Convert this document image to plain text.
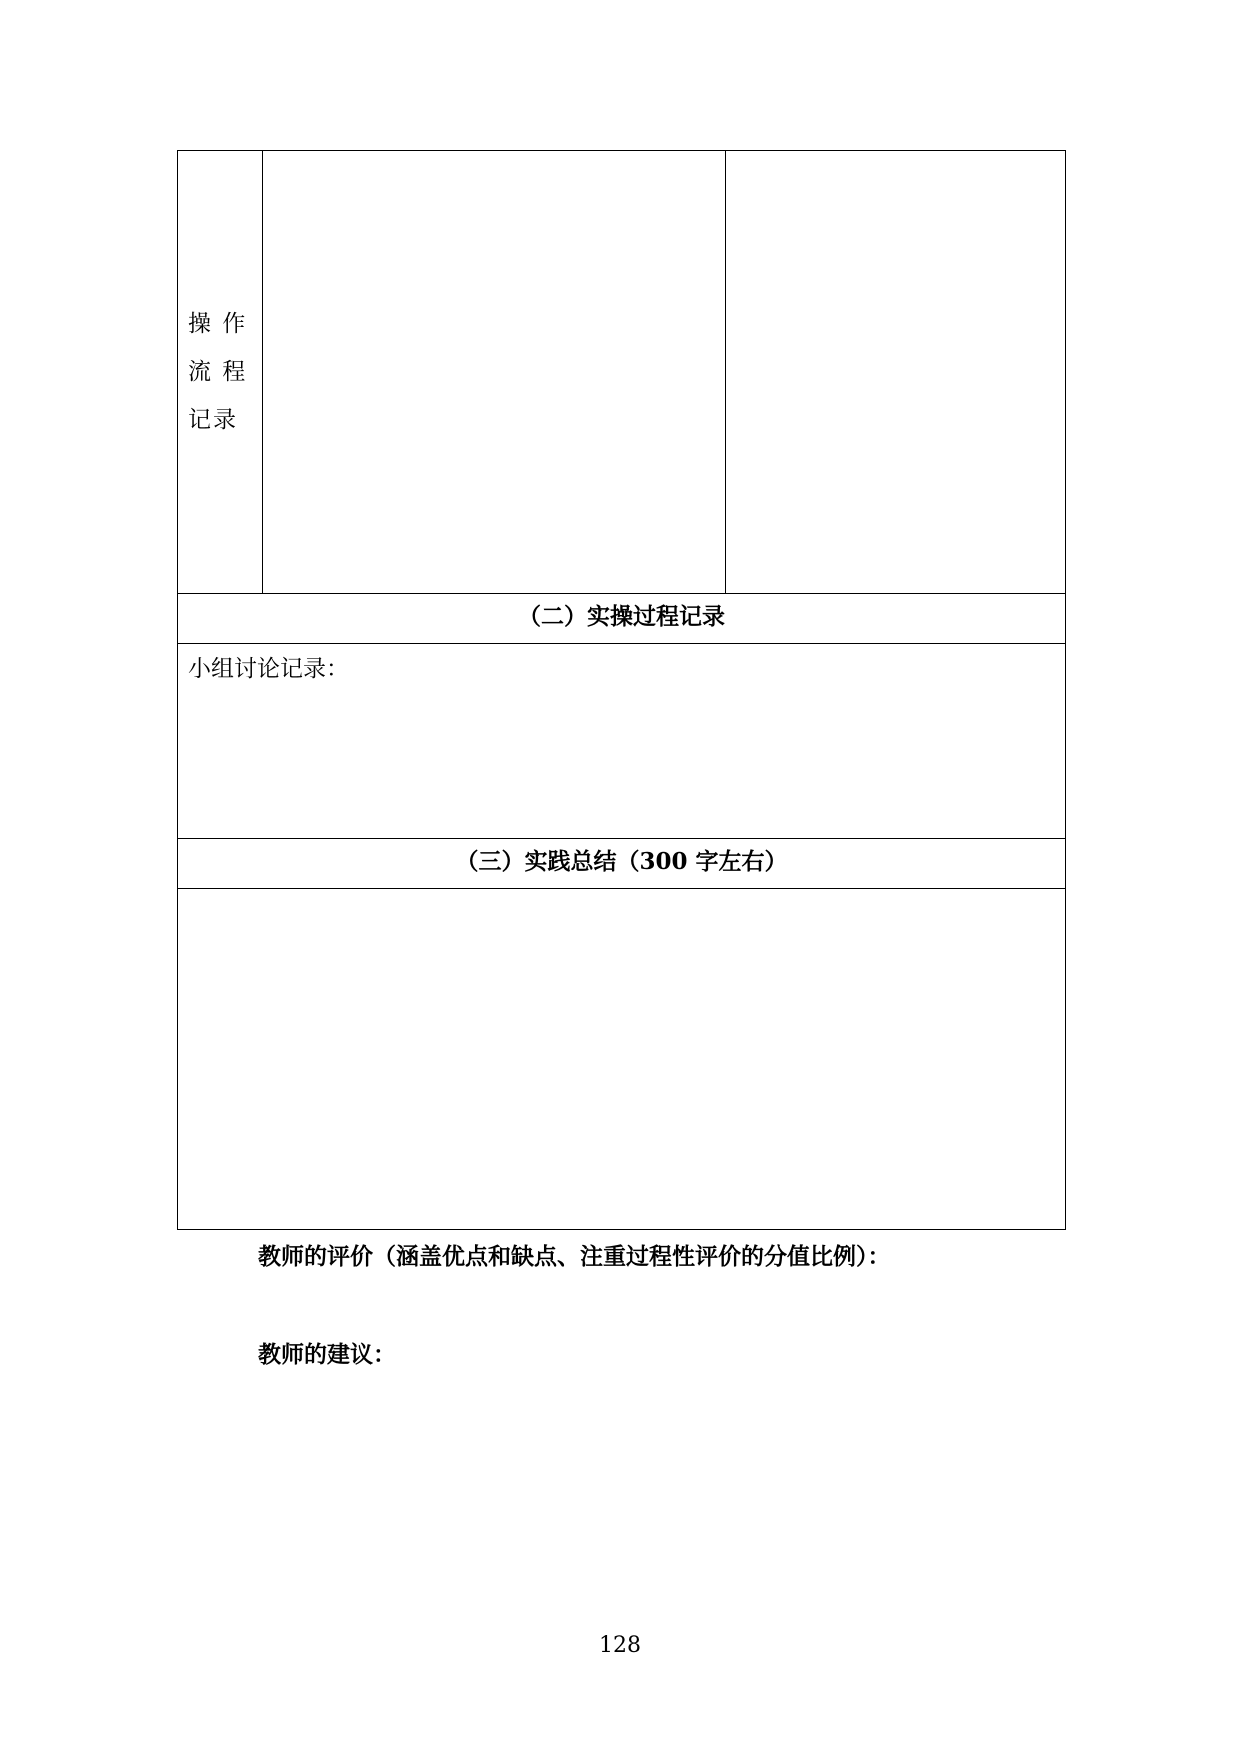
操 作
流 程
记录

（二）实操过程记录
小组讨论记录：
（三）实践总结（300 字左右）

教师的评价（涵盖优点和缺点、注重过程性评价的分值比例）：
教师的建议：
128
